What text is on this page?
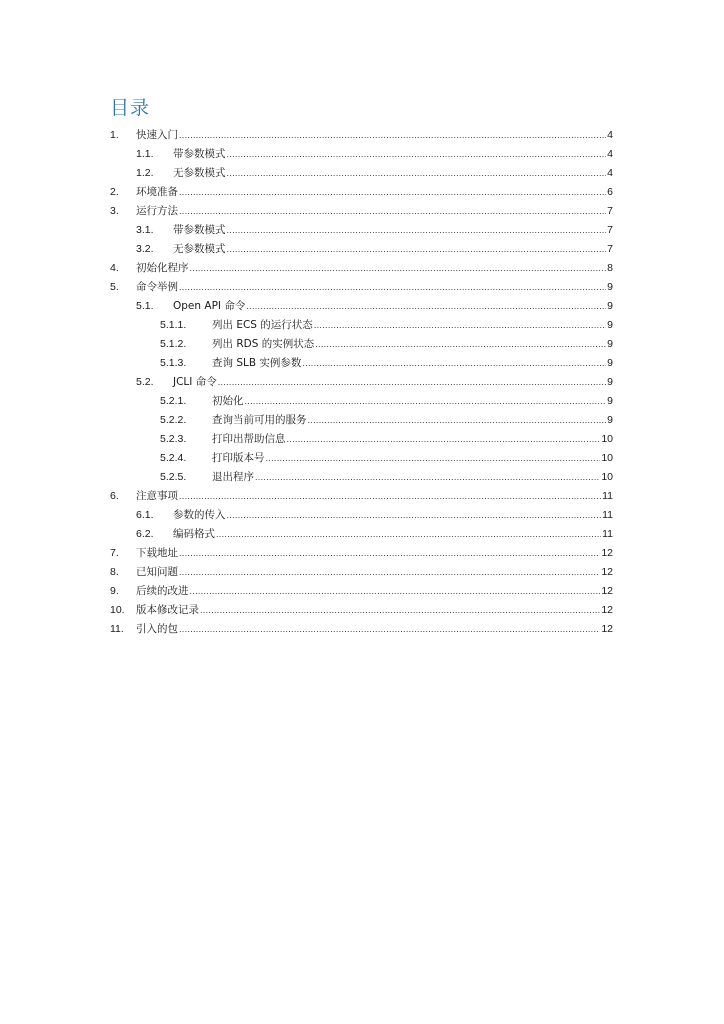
目录
1.	快速入门 .....	4
1.1.	带参数模式 .....	4
1.2.	无参数模式 .....	4
2.	环境准备 .....	6
3.	运行方法 .....	7
3.1.	带参数模式 .....	7
3.2.	无参数模式 .....	7
4.	初始化程序 .....	8
5.	命令举例 .....	9
5.1.	Open API 命令 .....	9
5.1.1.	列出 ECS 的运行状态 .....	9
5.1.2.	列出 RDS 的实例状态 .....	9
5.1.3.	查询 SLB 实例参数 .....	9
5.2.	JCLI 命令 .....	9
5.2.1.	初始化 .....	9
5.2.2.	查询当前可用的服务 .....	9
5.2.3.	打印出帮助信息 .....	10
5.2.4.	打印版本号 .....	10
5.2.5.	退出程序 .....	10
6.	注意事项 .....	11
6.1.	参数的传入 .....	11
6.2.	编码格式 .....	11
7.	下载地址 .....	12
8.	已知问题 .....	12
9.	后续的改进 .....	12
10.	版本修改记录 .....	12
11.	引入的包 .....	12
